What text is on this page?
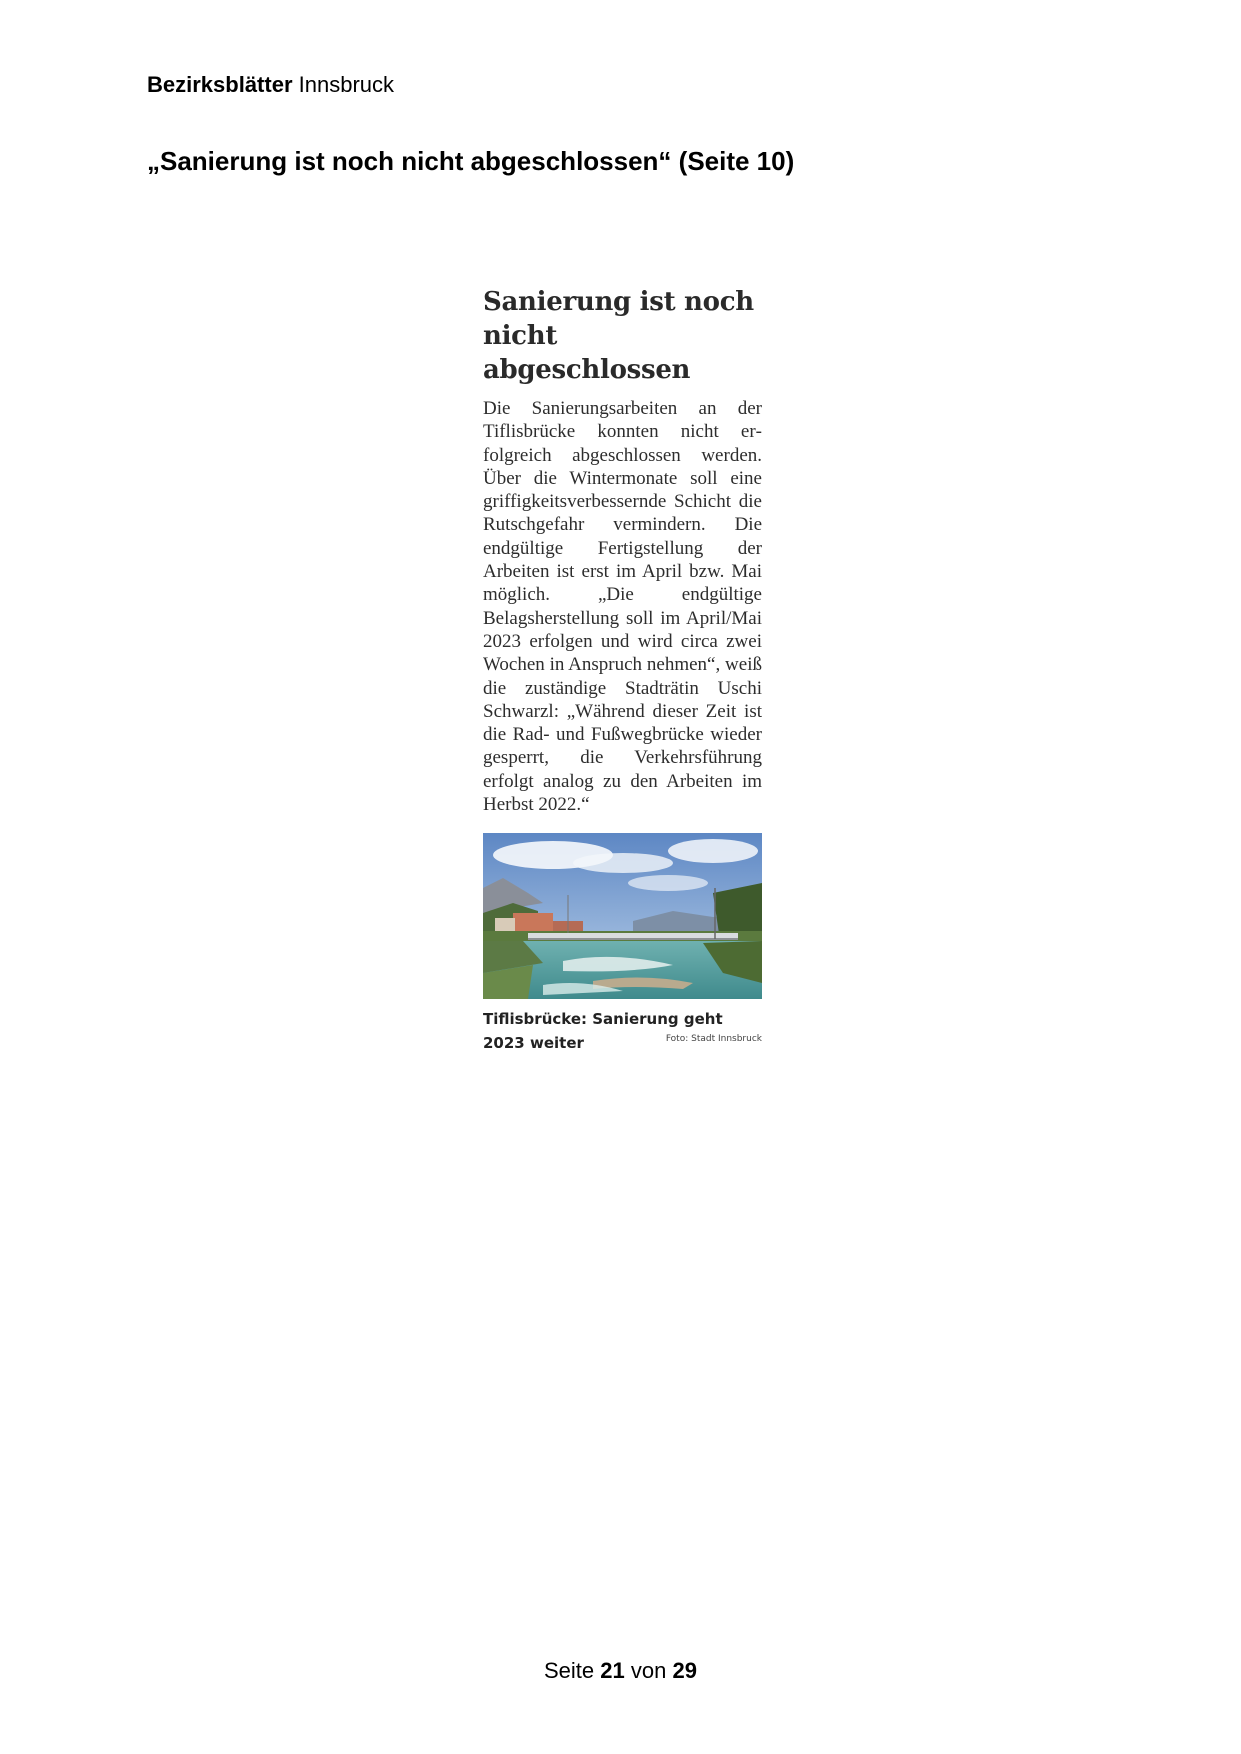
Bezirksblätter Innsbruck
„Sanierung ist noch nicht abgeschlossen“ (Seite 10)
Sanierung ist noch
nicht abgeschlossen

Die Sanierungsarbeiten an der Tiflisbrücke konnten nicht erfolgreich abgeschlossen werden. Über die Wintermonate soll eine griffigkeitsverbessernde Schicht die Rutschgefahr vermindern. Die endgültige Fertigstellung der Arbeiten ist erst im April bzw. Mai möglich. „Die endgültige Belagsherstellung soll im April/Mai 2023 erfolgen und wird circa zwei Wochen in Anspruch nehmen“, weiß die zuständige Stadträtin Uschi Schwarzl: „Während dieser Zeit ist die Rad- und Fußwegbrücke wieder gesperrt, die Verkehrsführung erfolgt analog zu den Arbeiten im Herbst 2022.“

Tiflisbrücke: Sanierung geht 2023 weiter	Foto: Stadt Innsbruck
Seite 21 von 29
